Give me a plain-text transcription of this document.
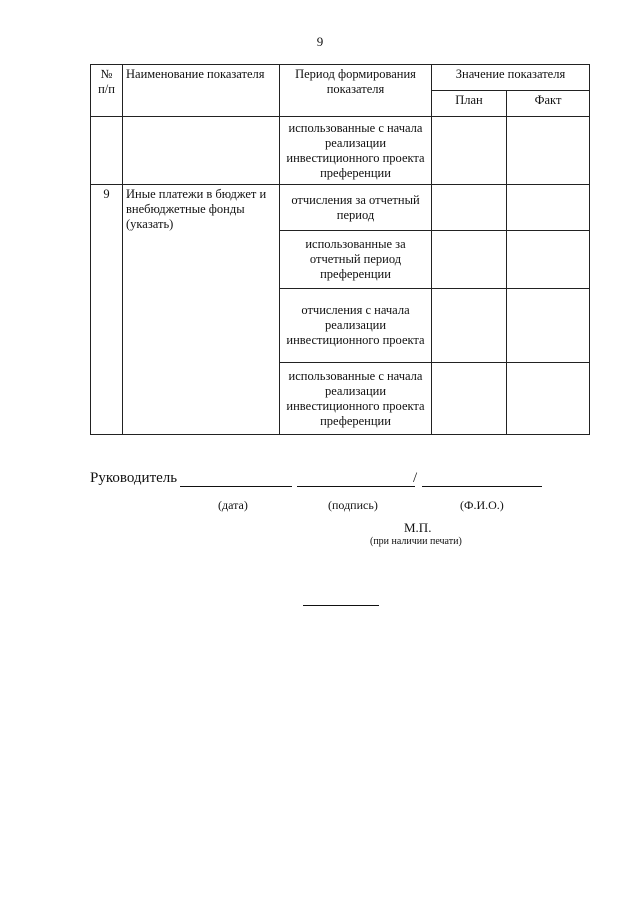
9
№ п/п	Наименование показателя	Период формирования показателя	Значение показателя	
			План	Факт
		использованные с начала реализации инвестиционного проекта преференции		
9	Иные платежи в бюджет и внебюджетные фонды (указать)	отчисления за отчетный период		
		использованные за отчетный период преференции		
		отчисления с начала реализации инвестиционного проекта		
		использованные с начала реализации инвестиционного проекта преференции		
Руководитель	/
(дата)	(подпись)	(Ф.И.О.)
М.П.
(при наличии печати)
